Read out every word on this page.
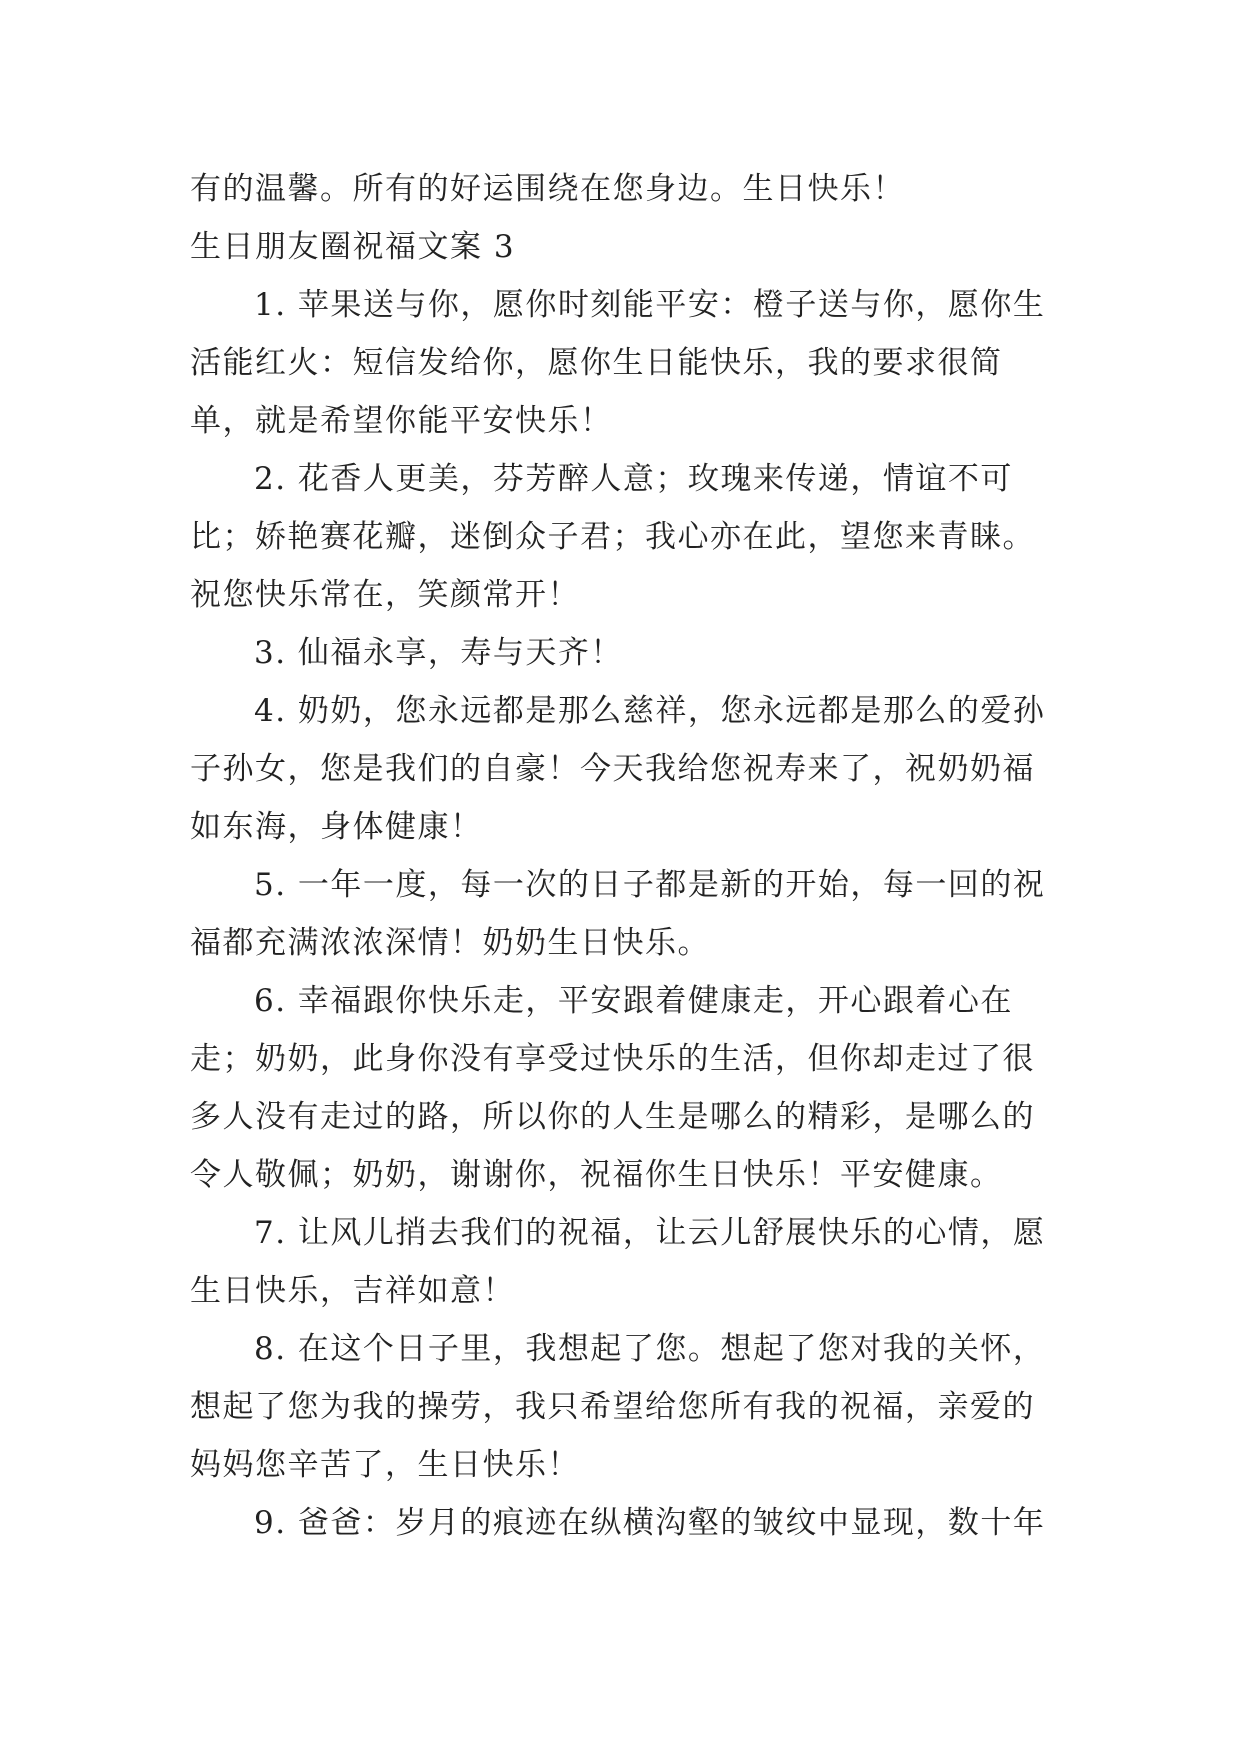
有的温馨。所有的好运围绕在您身边。生日快乐！

生日朋友圈祝福文案 3

1. 苹果送与你，愿你时刻能平安：橙子送与你，愿你生活能红火：短信发给你，愿你生日能快乐，我的要求很简单，就是希望你能平安快乐！

2. 花香人更美，芬芳醉人意；玫瑰来传递，情谊不可比；娇艳赛花瓣，迷倒众子君；我心亦在此，望您来青睐。祝您快乐常在，笑颜常开！

3. 仙福永享，寿与天齐！

4. 奶奶，您永远都是那么慈祥，您永远都是那么的爱孙子孙女，您是我们的自豪！今天我给您祝寿来了，祝奶奶福如东海，身体健康！

5. 一年一度，每一次的日子都是新的开始，每一回的祝福都充满浓浓深情！奶奶生日快乐。

6. 幸福跟你快乐走，平安跟着健康走，开心跟着心在走；奶奶，此身你没有享受过快乐的生活，但你却走过了很多人没有走过的路，所以你的人生是哪么的精彩，是哪么的令人敬佩；奶奶，谢谢你，祝福你生日快乐！平安健康。

7. 让风儿捎去我们的祝福，让云儿舒展快乐的心情，愿生日快乐，吉祥如意！

8. 在这个日子里，我想起了您。想起了您对我的关怀，想起了您为我的操劳，我只希望给您所有我的祝福，亲爱的妈妈您辛苦了，生日快乐！

9. 爸爸：岁月的痕迹在纵横沟壑的皱纹中显现，数十年
